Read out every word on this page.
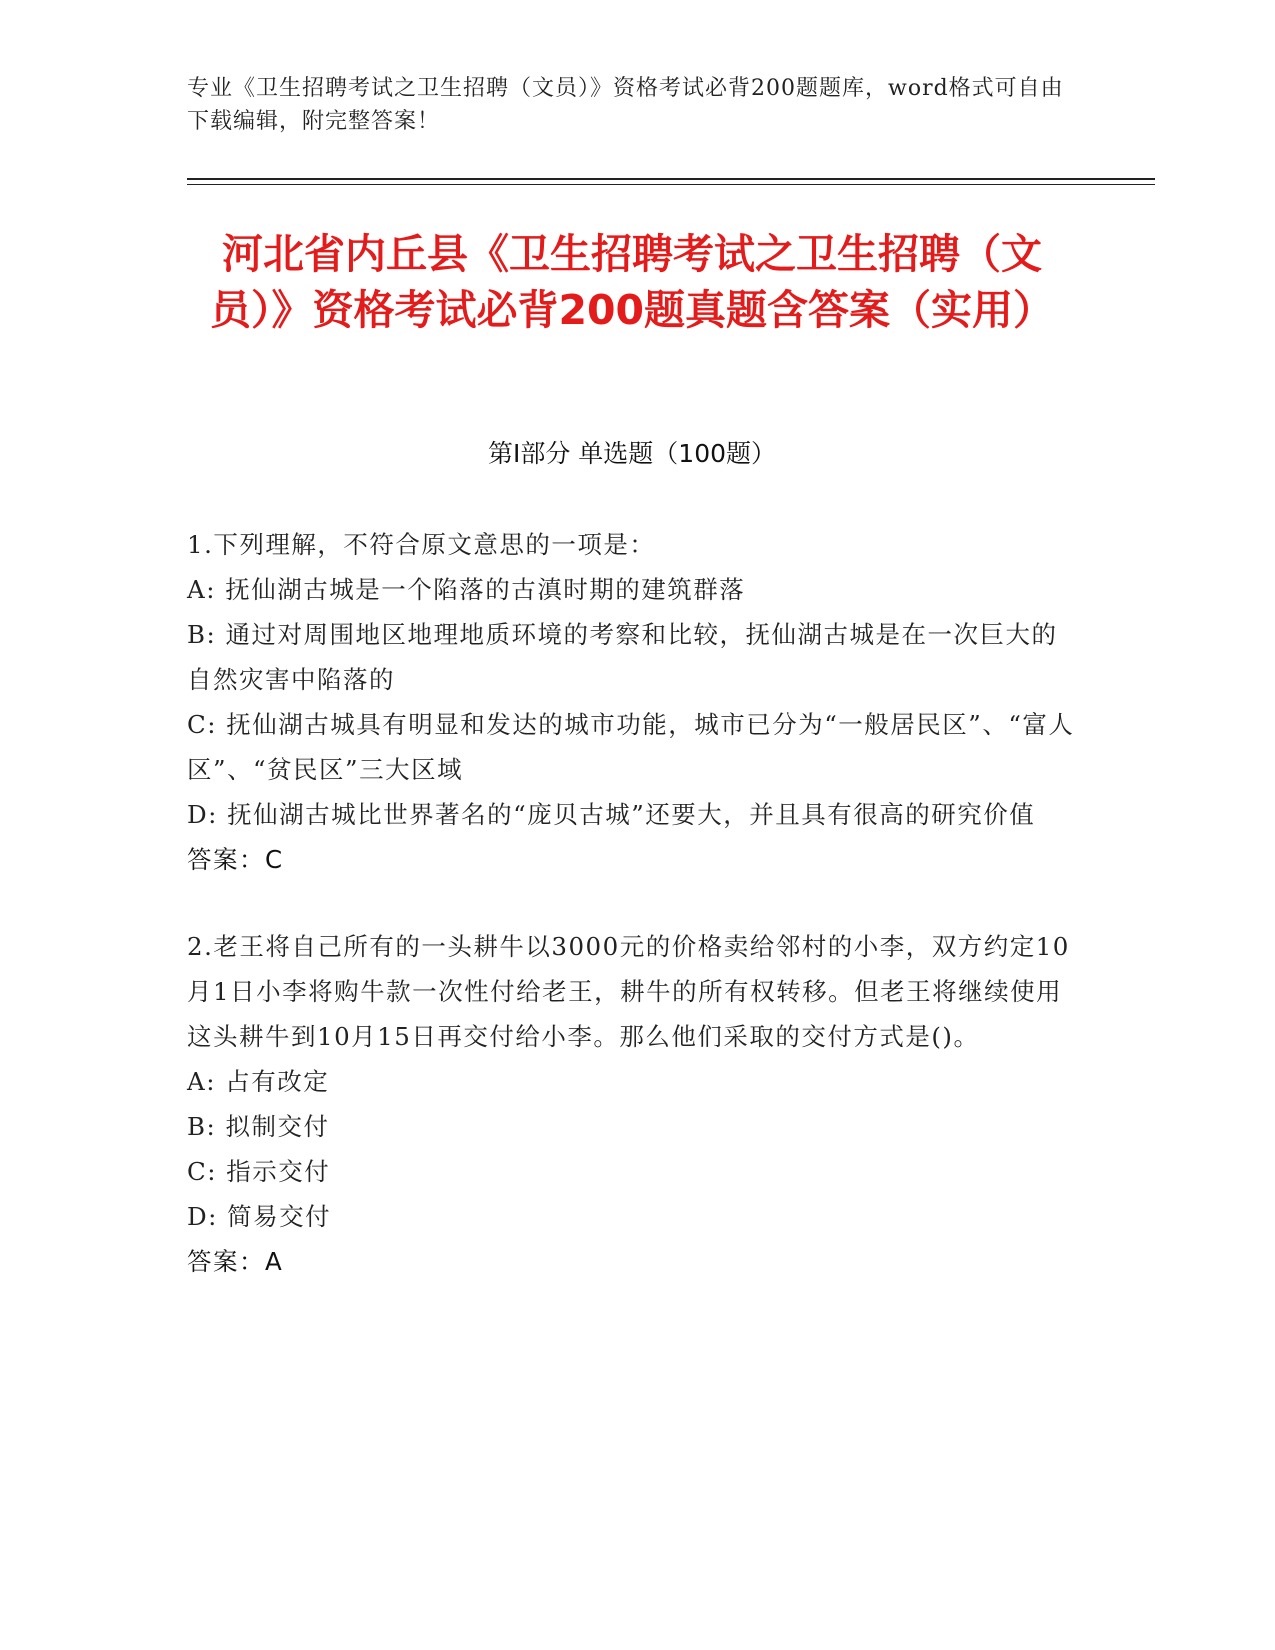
专业《卫生招聘考试之卫生招聘（文员）》资格考试必背200题题库，word格式可自由下载编辑，附完整答案！
河北省内丘县《卫生招聘考试之卫生招聘（文员）》资格考试必背200题真题含答案（实用）
第Ⅰ部分 单选题（100题）

1.下列理解，不符合原文意思的一项是：

A: 抚仙湖古城是一个陷落的古滇时期的建筑群落

B: 通过对周围地区地理地质环境的考察和比较，抚仙湖古城是在一次巨大的自然灾害中陷落的

C: 抚仙湖古城具有明显和发达的城市功能，城市已分为“一般居民区”、“富人区”、“贫民区”三大区域

D: 抚仙湖古城比世界著名的“庞贝古城”还要大，并且具有很高的研究价值

答案：C

2.老王将自己所有的一头耕牛以3000元的价格卖给邻村的小李，双方约定10月1日小李将购牛款一次性付给老王，耕牛的所有权转移。但老王将继续使用这头耕牛到10月15日再交付给小李。那么他们采取的交付方式是()。

A: 占有改定

B: 拟制交付

C: 指示交付

D: 简易交付

答案：A
